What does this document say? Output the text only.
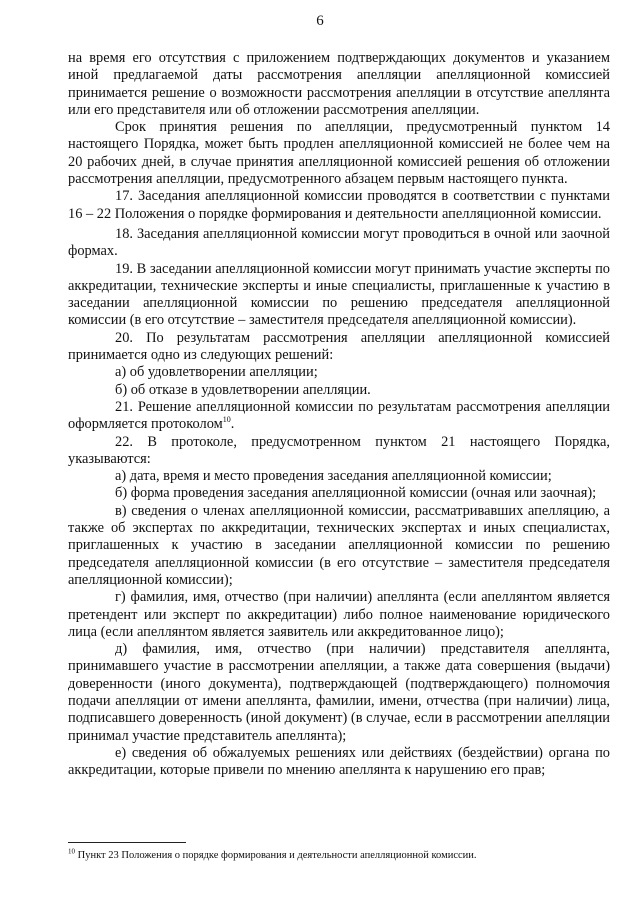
6

на время его отсутствия с приложением подтверждающих документов и указанием иной предлагаемой даты рассмотрения апелляции апелляционной комиссией принимается решение о возможности рассмотрения апелляции в отсутствие апеллянта или его представителя или об отложении рассмотрения апелляции.

Срок принятия решения по апелляции, предусмотренный пунктом 14 настоящего Порядка, может быть продлен апелляционной комиссией не более чем на 20 рабочих дней, в случае принятия апелляционной комиссией решения об отложении рассмотрения апелляции, предусмотренного абзацем первым настоящего пункта.

17. Заседания апелляционной комиссии проводятся в соответствии с пунктами 16 – 22 Положения о порядке формирования и деятельности апелляционной комиссии.

18. Заседания апелляционной комиссии могут проводиться в очной или заочной формах.

19. В заседании апелляционной комиссии могут принимать участие эксперты по аккредитации, технические эксперты и иные специалисты, приглашенные к участию в заседании апелляционной комиссии по решению председателя апелляционной комиссии (в его отсутствие – заместителя председателя апелляционной комиссии).

20. По результатам рассмотрения апелляции апелляционной комиссией принимается одно из следующих решений:

а) об удовлетворении апелляции;

б) об отказе в удовлетворении апелляции.

21. Решение апелляционной комиссии по результатам рассмотрения апелляции оформляется протоколом$^{10}$.

22. В протоколе, предусмотренном пунктом 21 настоящего Порядка, указываются:

а) дата, время и место проведения заседания апелляционной комиссии;

б) форма проведения заседания апелляционной комиссии (очная или заочная);

в) сведения о членах апелляционной комиссии, рассматривавших апелляцию, а также об экспертах по аккредитации, технических экспертах и иных специалистах, приглашенных к участию в заседании апелляционной комиссии по решению председателя апелляционной комиссии (в его отсутствие – заместителя председателя апелляционной комиссии);

г) фамилия, имя, отчество (при наличии) апеллянта (если апеллянтом является претендент или эксперт по аккредитации) либо полное наименование юридического лица (если апеллянтом является заявитель или аккредитованное лицо);

д) фамилия, имя, отчество (при наличии) представителя апеллянта, принимавшего участие в рассмотрении апелляции, а также дата совершения (выдачи) доверенности (иного документа), подтверждающей (подтверждающего) полномочия подачи апелляции от имени апеллянта, фамилии, имени, отчества (при наличии) лица, подписавшего доверенность (иной документ) (в случае, если в рассмотрении апелляции принимал участие представитель апеллянта);

е) сведения об обжалуемых решениях или действиях (бездействии) органа по аккредитации, которые привели по мнению апеллянта к нарушению его прав;

$^{10}$ Пункт 23 Положения о порядке формирования и деятельности апелляционной комиссии.
